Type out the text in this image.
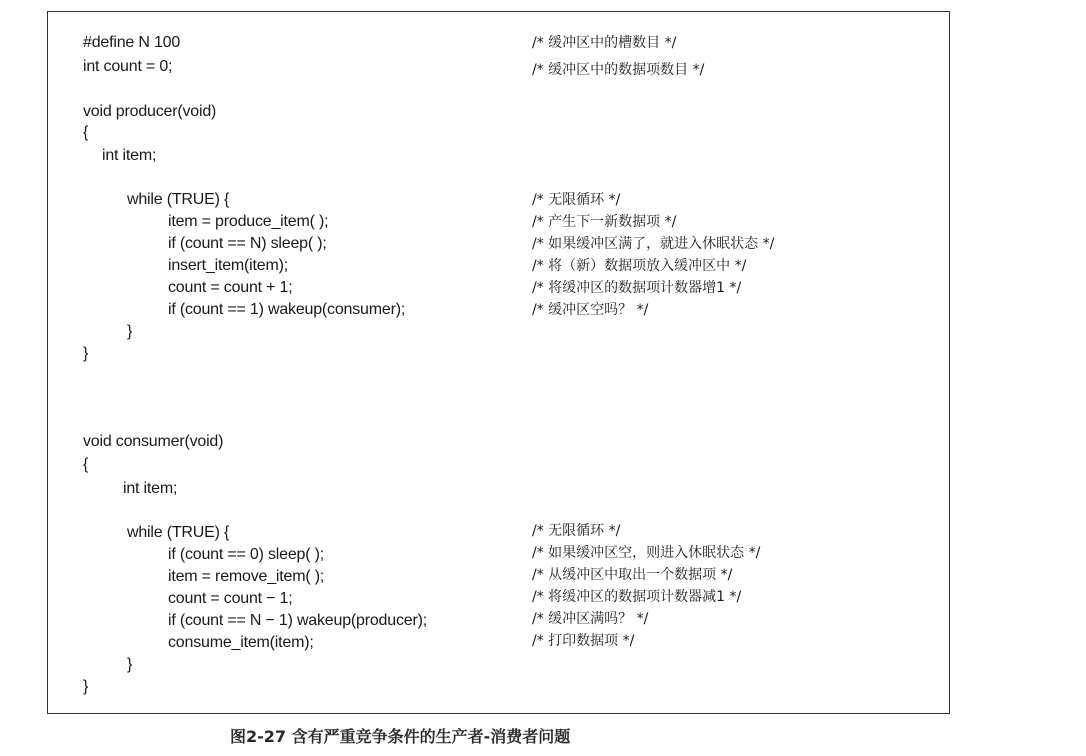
#define N 100
int count = 0;
void producer(void)
{
int item;
while (TRUE) {
item = produce_item( );
if (count == N) sleep( );
insert_item(item);
count = count + 1;
if (count == 1) wakeup(consumer);
}
}
void consumer(void)
{
int item;
while (TRUE) {
if (count == 0) sleep( );
item = remove_item( );
count = count − 1;
if (count == N − 1) wakeup(producer);
consume_item(item);
}
}
/* 缓冲区中的槽数目 */
/* 缓冲区中的数据项数目 */
/* 无限循环 */
/* 产生下一新数据项 */
/* 如果缓冲区满了，就进入休眠状态 */
/* 将（新）数据项放入缓冲区中 */
/* 将缓冲区的数据项计数器增1 */
/* 缓冲区空吗？ */
/* 无限循环 */
/* 如果缓冲区空，则进入休眠状态 */
/* 从缓冲区中取出一个数据项 */
/* 将缓冲区的数据项计数器减1 */
/* 缓冲区满吗？ */
/* 打印数据项 */
图2-27 含有严重竞争条件的生产者-消费者问题
